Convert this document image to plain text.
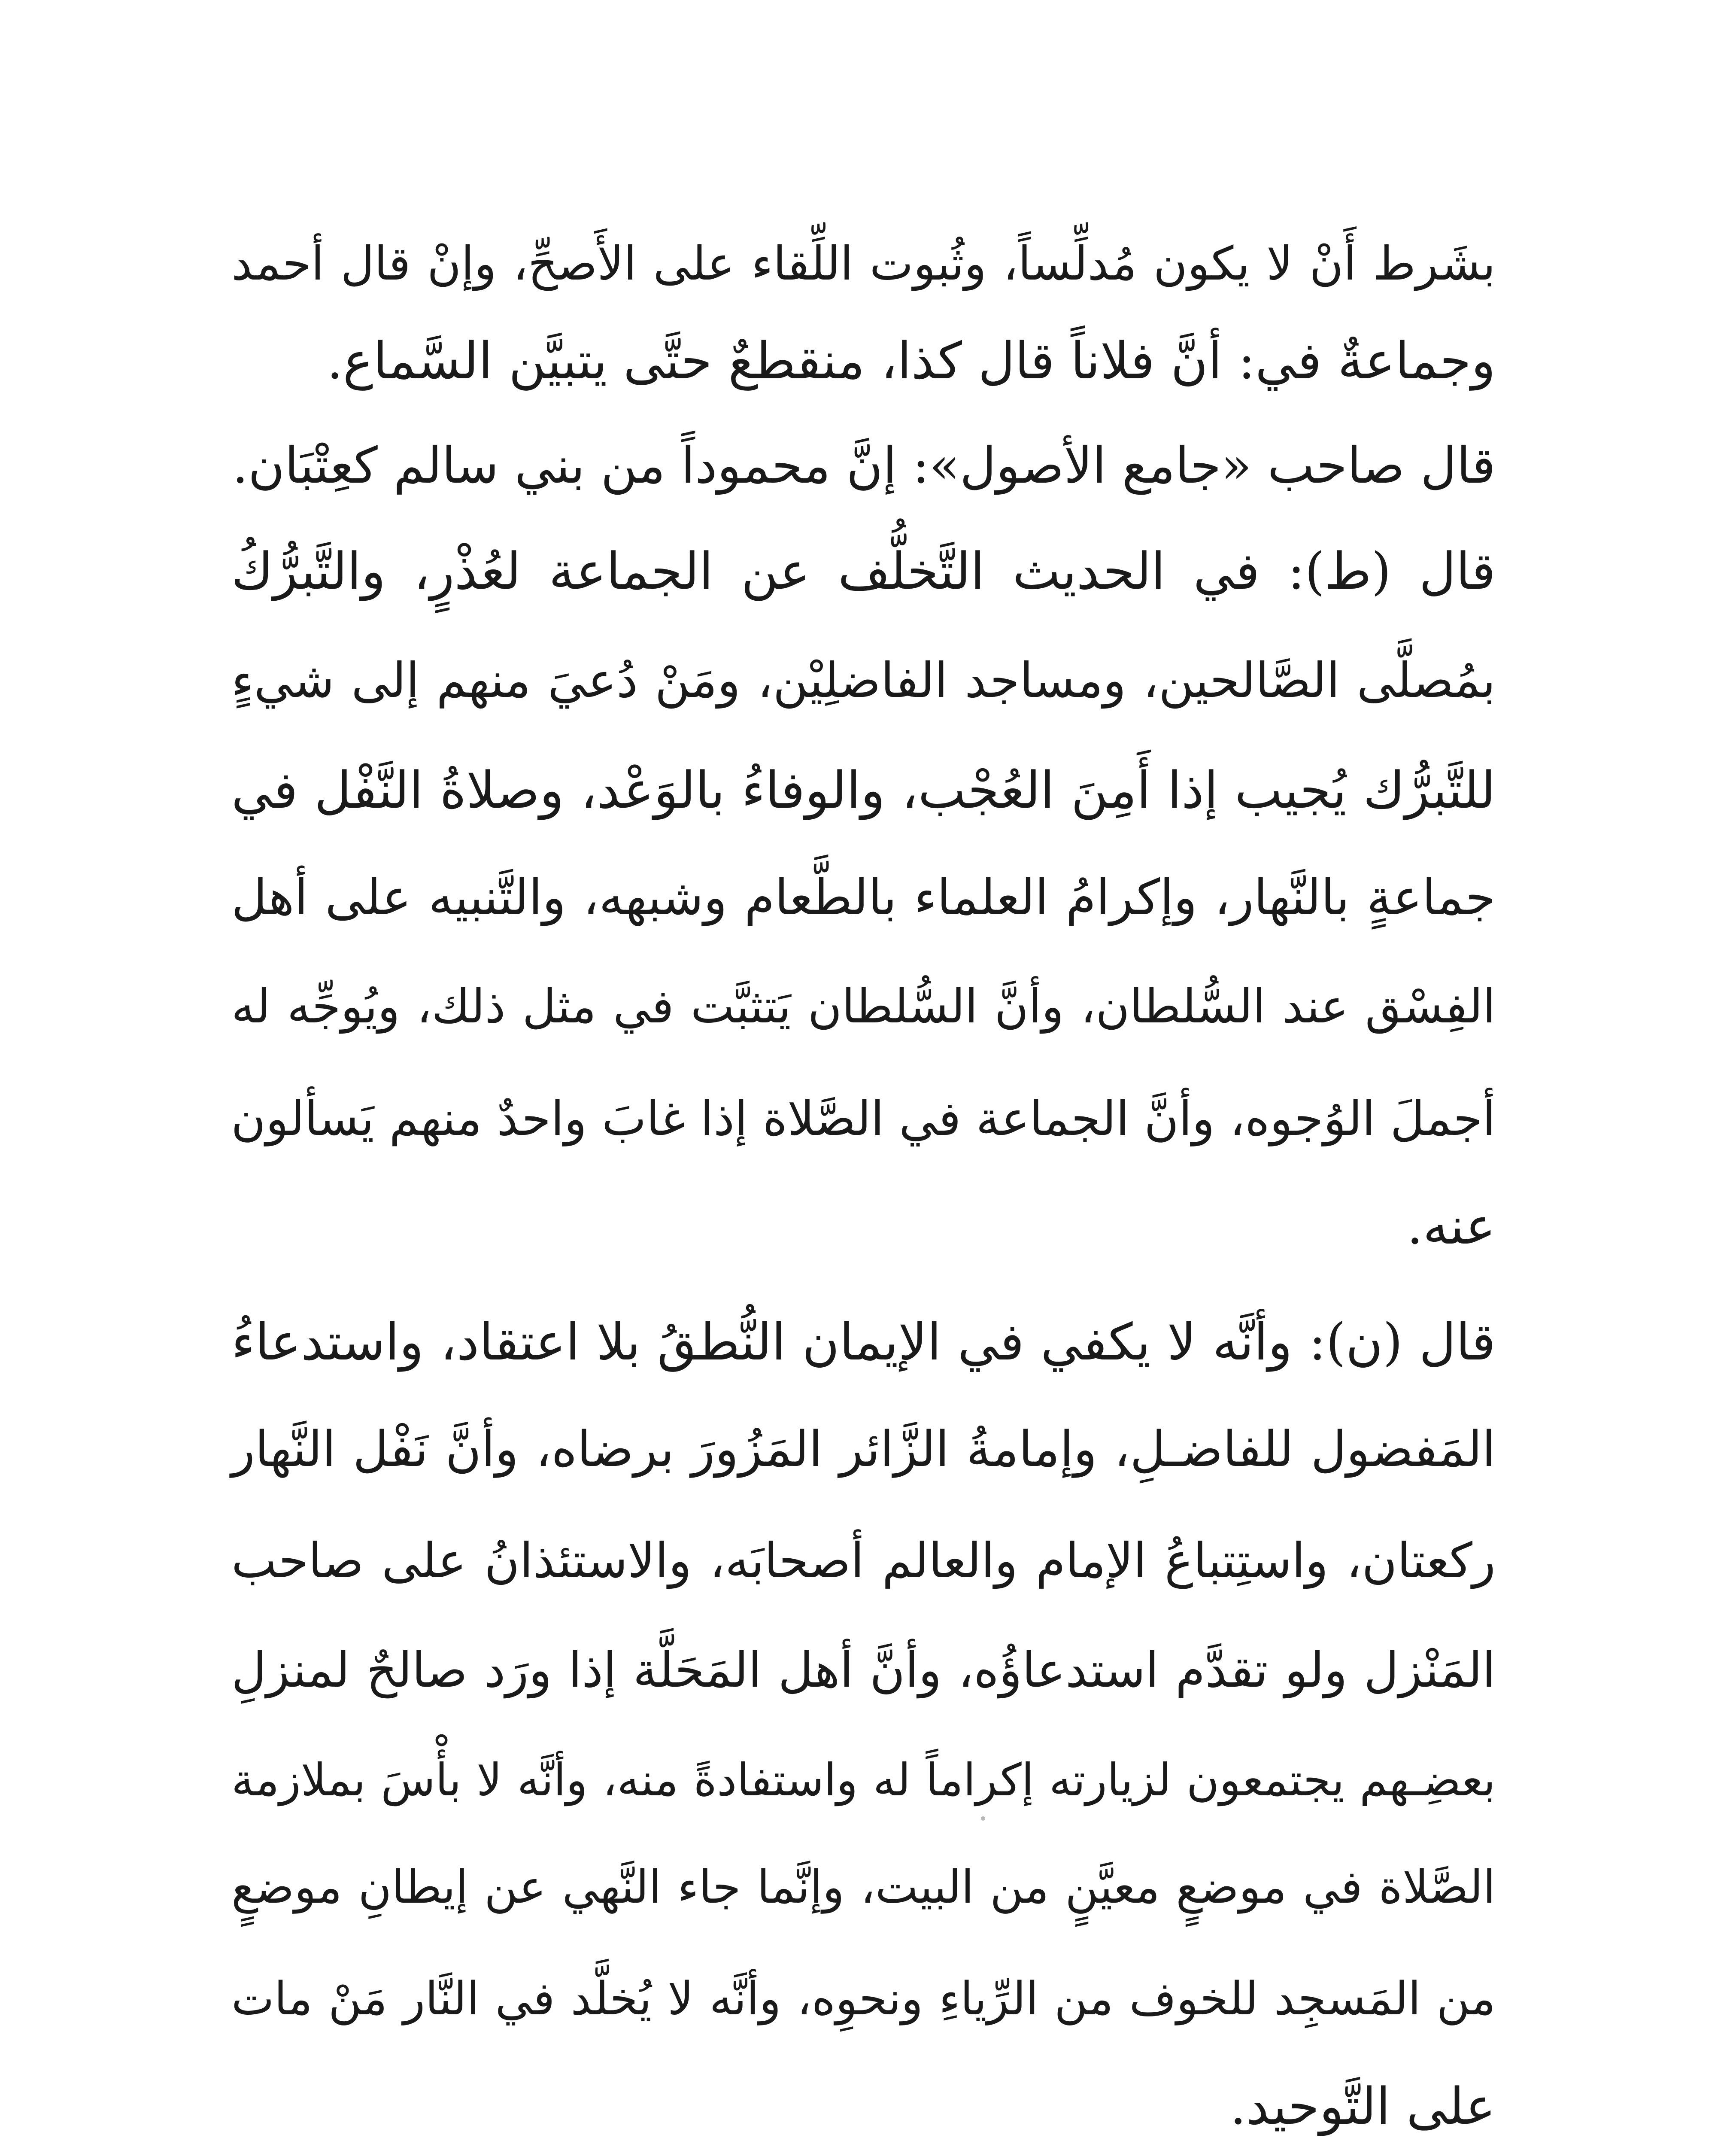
بشَرط أَنْ لا يكون مُدلِّساً، وثُبوت اللِّقاء على الأَصحِّ، وإنْ قال أحمد
وجماعةٌ في: أنَّ فلاناً قال كذا، منقطعٌ حتَّى يتبيَّن السَّماع.
قال صاحب «جامع الأصول»: إنَّ محموداً من بني سالم كعِتْبَان.
قال (ط): في الحديث التَّخلُّف عن الجماعة لعُذْرٍ، والتَّبرُّكُ
بمُصلَّى الصَّالحين، ومساجد الفاضلِيْن، ومَنْ دُعيَ منهم إلى شيءٍ
للتَّبرُّك يُجيب إذا أَمِنَ العُجْب، والوفاءُ بالوَعْد، وصلاةُ النَّفْل في
جماعةٍ بالنَّهار، وإكرامُ العلماء بالطَّعام وشبهه، والتَّنبيه على أهل
الفِسْق عند السُّلطان، وأنَّ السُّلطان يَتثبَّت في مثل ذلك، ويُوجِّه له
أجملَ الوُجوه، وأنَّ الجماعة في الصَّلاة إذا غابَ واحدٌ منهم يَسألون
عنه.
قال (ن): وأنَّه لا يكفي في الإيمان النُّطقُ بلا اعتقاد، واستدعاءُ
المَفضول للفاضـلِ، وإمامةُ الزَّائر المَزُورَ برضاه، وأنَّ نَفْل النَّهار
ركعتان، واستِتباعُ الإمام والعالم أصحابَه، والاستئذانُ على صاحب
المَنْزل ولو تقدَّم استدعاؤُه، وأنَّ أهل المَحَلَّة إذا ورَد صالحٌ لمنزلِ
بعضِـهم يجتمعون لزيارته إكراماً له واستفادةً منه، وأنَّه لا بأْسَ بملازمة
الصَّلاة في موضعٍ معيَّنٍ من البيت، وإنَّما جاء النَّهي عن إيطانِ موضعٍ
من المَسجِد للخوف من الرِّياءِ ونحوِه، وأنَّه لا يُخلَّد في النَّار مَنْ مات
على التَّوحيد.
